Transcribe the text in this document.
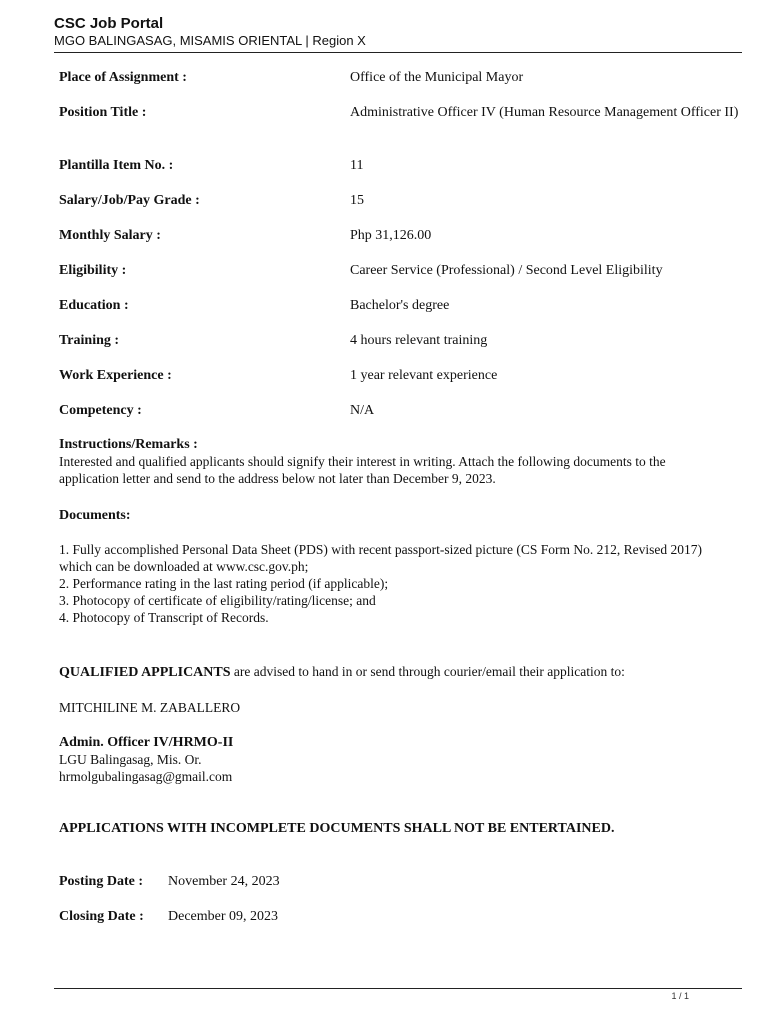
CSC Job Portal
MGO BALINGASAG, MISAMIS ORIENTAL | Region X
Place of Assignment :	Office of the Municipal Mayor
Position Title :	Administrative Officer IV (Human Resource Management Officer II)
Plantilla Item No. :	11
Salary/Job/Pay Grade :	15
Monthly Salary :	Php 31,126.00
Eligibility :	Career Service (Professional) / Second Level Eligibility
Education :	Bachelor's degree
Training :	4 hours relevant training
Work Experience :	1 year relevant experience
Competency :	N/A
Instructions/Remarks :
Interested and qualified applicants should signify their interest in writing. Attach the following documents to the application letter and send to the address below not later than December 9, 2023.
Documents:
1. Fully accomplished Personal Data Sheet (PDS) with recent passport-sized picture (CS Form No. 212, Revised 2017) which can be downloaded at www.csc.gov.ph;
2. Performance rating in the last rating period (if applicable);
3. Photocopy of certificate of eligibility/rating/license; and
4. Photocopy of Transcript of Records.
QUALIFIED APPLICANTS are advised to hand in or send through courier/email their application to:
MITCHILINE M. ZABALLERO
Admin. Officer IV/HRMO-II
LGU Balingasag, Mis. Or.
hrmolgubalingasag@gmail.com
APPLICATIONS WITH INCOMPLETE DOCUMENTS SHALL NOT BE ENTERTAINED.
Posting Date : November 24, 2023
Closing Date : December 09, 2023
1 / 1
